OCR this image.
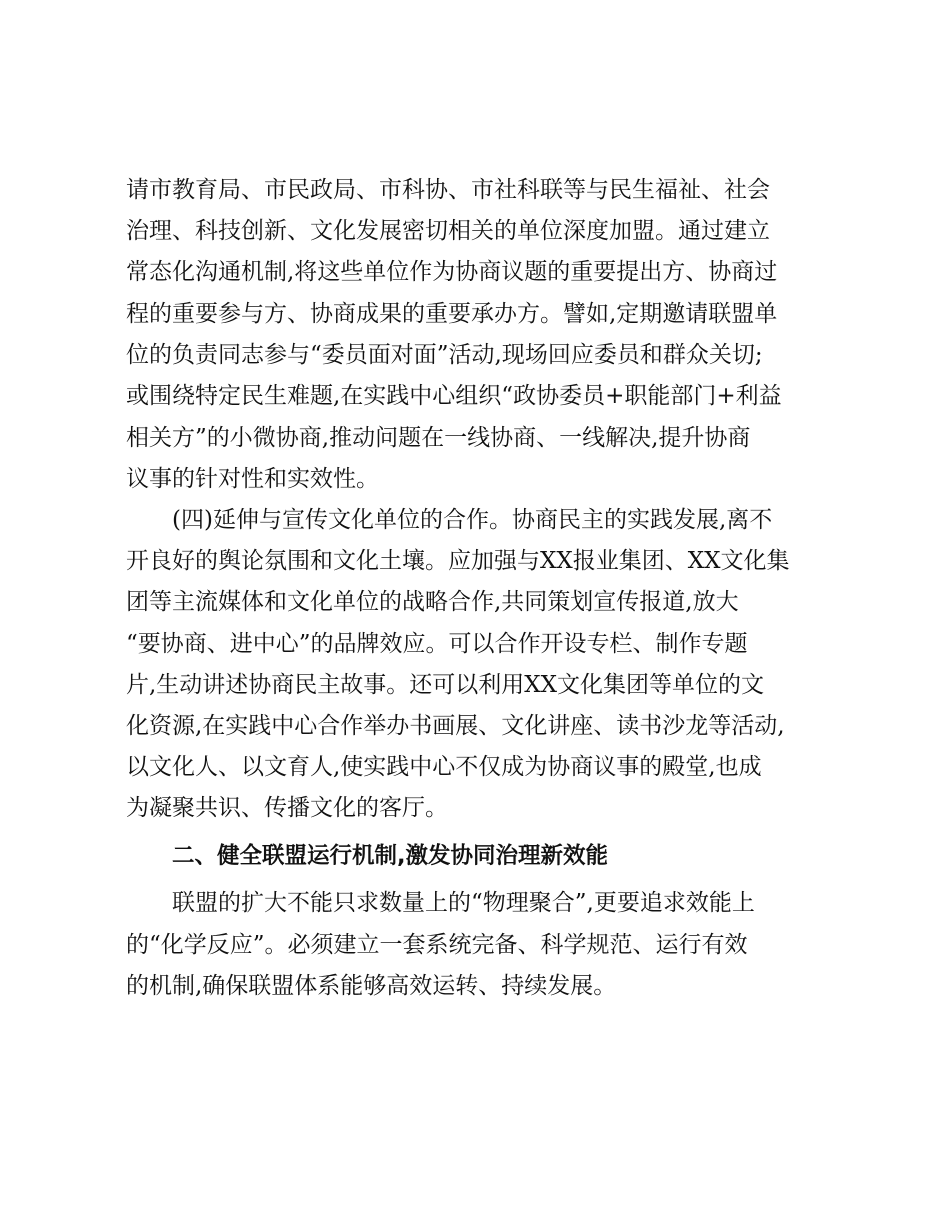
请市教育局、市民政局、市科协、市社科联等与民生福祉、社会
治理、科技创新、文化发展密切相关的单位深度加盟。通过建立
常态化沟通机制,将这些单位作为协商议题的重要提出方、协商过
程的重要参与方、协商成果的重要承办方。譬如,定期邀请联盟单
位的负责同志参与“委员面对面”活动,现场回应委员和群众关切;
或围绕特定民生难题,在实践中心组织“政协委员+职能部门+利益
相关方”的小微协商,推动问题在一线协商、一线解决,提升协商
议事的针对性和实效性。
(四)延伸与宣传文化单位的合作。协商民主的实践发展,离不
开良好的舆论氛围和文化土壤。应加强与XX报业集团、XX文化集
团等主流媒体和文化单位的战略合作,共同策划宣传报道,放大
“要协商、进中心”的品牌效应。可以合作开设专栏、制作专题
片,生动讲述协商民主故事。还可以利用XX文化集团等单位的文
化资源,在实践中心合作举办书画展、文化讲座、读书沙龙等活动,
以文化人、以文育人,使实践中心不仅成为协商议事的殿堂,也成
为凝聚共识、传播文化的客厅。
二、健全联盟运行机制,激发协同治理新效能
联盟的扩大不能只求数量上的“物理聚合”,更要追求效能上
的“化学反应”。必须建立一套系统完备、科学规范、运行有效
的机制,确保联盟体系能够高效运转、持续发展。
